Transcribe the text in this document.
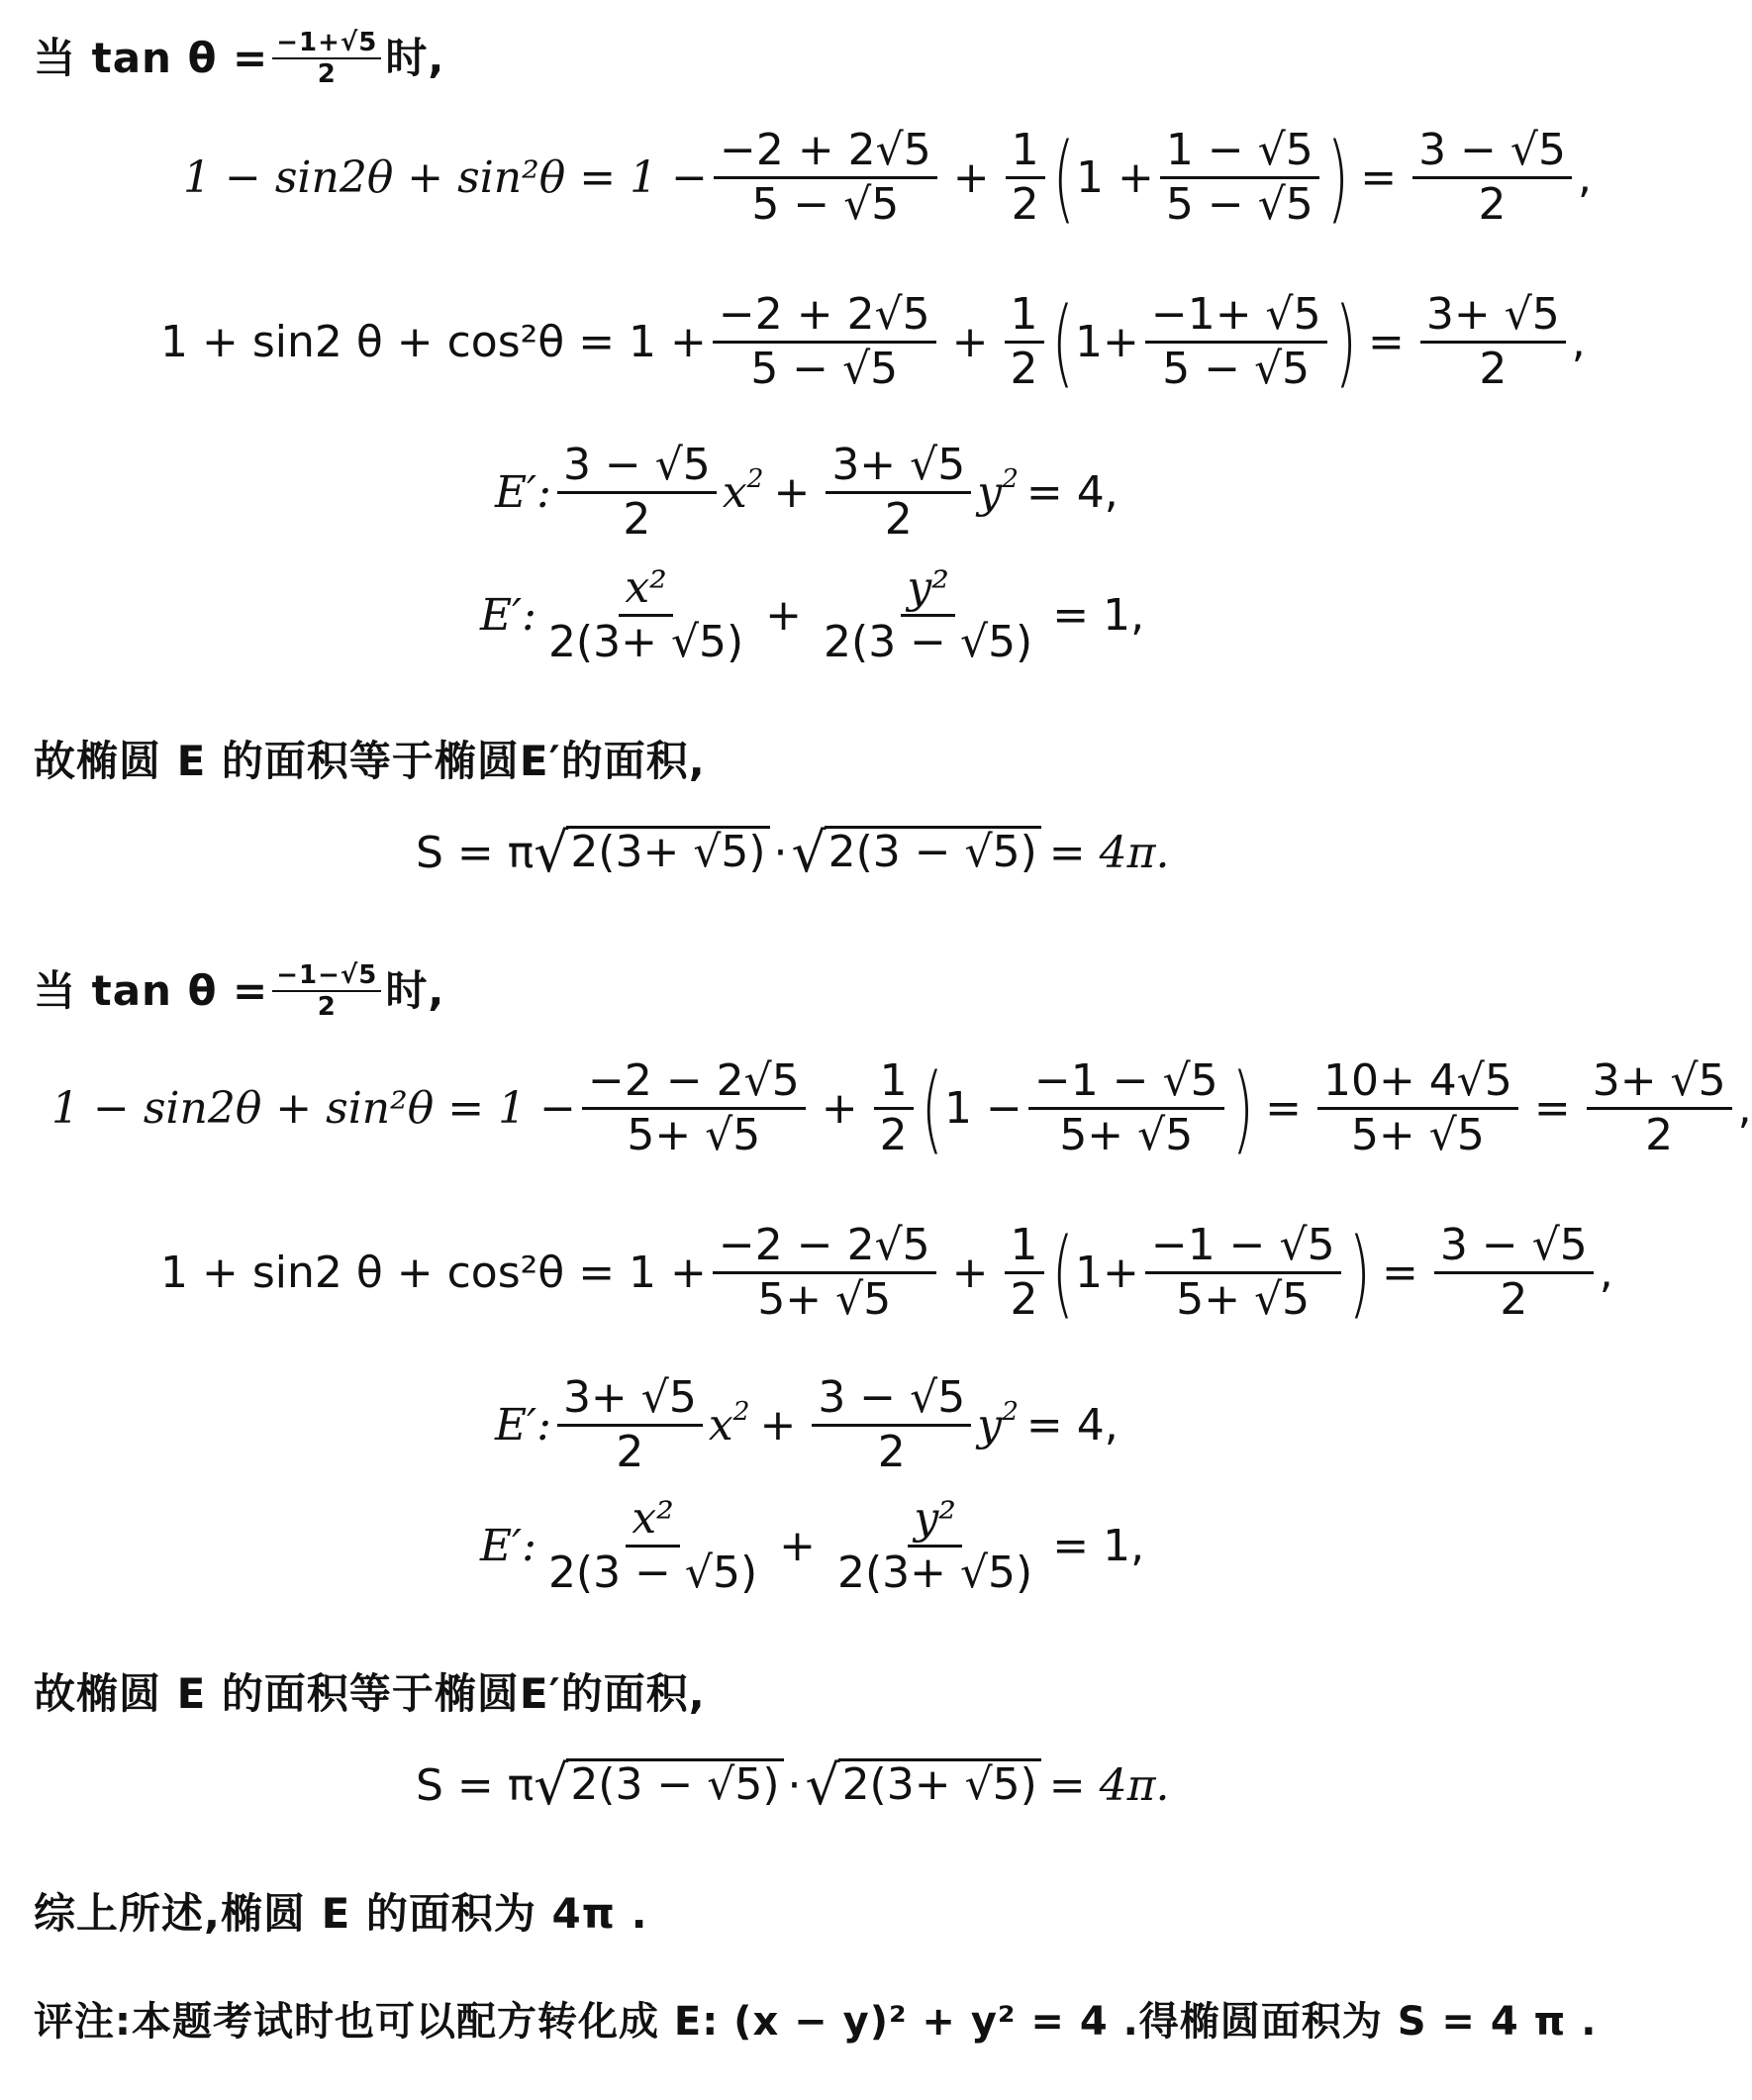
当 $\tan \theta = \frac{-1+√5}{2}$ 时,
$1 - \sin 2\theta + \sin^2\theta = 1 - \frac{-2 + 2√5}{5 - √5} + \frac{1}{2}$ ( $1 + \frac{1 - √5}{5 - √5}$ ) = $\frac{3 - √5}{2}$ ,
1 + sin2 $\theta + \cos^2\theta = 1 + \frac{-2 + 2√5}{5 - √5} + \frac{1}{2}$ ( $1+ \frac{-1+ √5}{5 - √5}$ ) = $\frac{3+ √5}{2}$ ,
E′: $\frac{3 - √5}{2} x^2 + \frac{3+ √5}{2} y^2 = 4$,
E′: $\frac{\text{x²}}{2(3+ √5)} + \frac{\text{y²}}{2(3 - √5)} = 1$,
故椭圆 E 的面积等于椭圆E′的面积,
S = π √ 2(3+ √5) · √ 2(3 − √5) = 4π.
当 $\tan \theta = \frac{-1-√5}{2}$ 时,
$1 - \sin 2\theta + \sin^2\theta = 1 - \frac{-2 - 2√5}{5+ √5} + \frac{1}{2}$ ( $1 - \frac{-1 - √5}{5+ √5}$ ) = $\frac{10+ 4√5}{5+ √5} = \frac{3+ √5}{2}$ ,
1 + sin2 $\theta + \cos^2\theta = 1 + \frac{-2 - 2√5}{5+ √5} + \frac{1}{2}$ ( $1+ \frac{-1 - √5}{5+ √5}$ ) = $\frac{3 - √5}{2}$ ,
E′: $\frac{3+ √5}{2} x^2 + \frac{3 - √5}{2} y^2 = 4$,
E′: $\frac{\text{x²}}{2(3 - √5)} + \frac{\text{y²}}{2(3+ √5)} = 1$,
故椭圆 E 的面积等于椭圆E′的面积,
S = π √ 2(3 − √5) · √ 2(3+ √5) = 4π.
综上所述,椭圆 E 的面积为 4π .
评注:本题考试时也可以配方转化成 E: (x − y)² + y² = 4 .得椭圆面积为 S = 4 π .
